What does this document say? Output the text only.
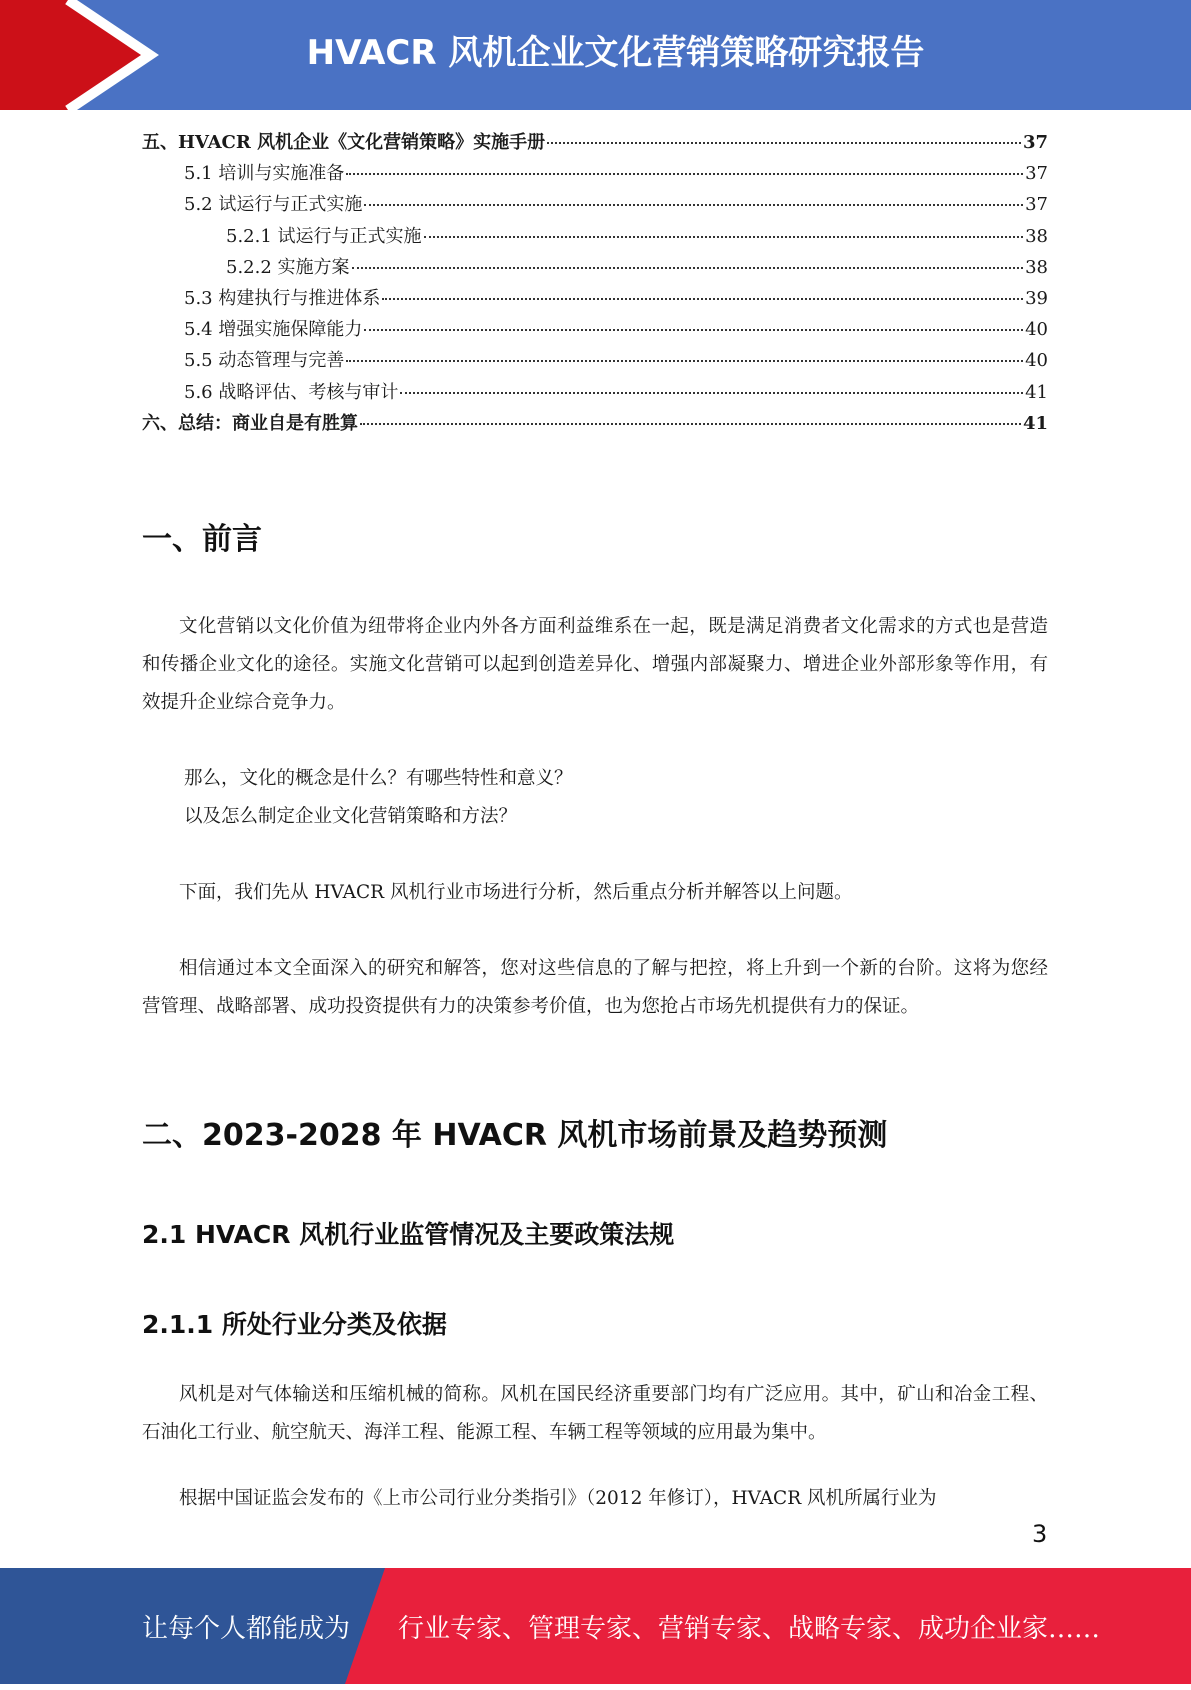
HVACR 风机企业文化营销策略研究报告
五、HVACR 风机企业《文化营销策略》实施手册	37
5.1 培训与实施准备	37
5.2 试运行与正式实施	37
5.2.1 试运行与正式实施	38
5.2.2 实施方案	38
5.3 构建执行与推进体系	39
5.4 增强实施保障能力	40
5.5 动态管理与完善	40
5.6 战略评估、考核与审计	41
六、总结：商业自是有胜算	41
一、前言
文化营销以文化价值为纽带将企业内外各方面利益维系在一起，既是满足消费者文化需求的方式也是营造和传播企业文化的途径。实施文化营销可以起到创造差异化、增强内部凝聚力、增进企业外部形象等作用，有效提升企业综合竞争力。
那么，文化的概念是什么？有哪些特性和意义？
以及怎么制定企业文化营销策略和方法？
下面，我们先从 HVACR 风机行业市场进行分析，然后重点分析并解答以上问题。
相信通过本文全面深入的研究和解答，您对这些信息的了解与把控，将上升到一个新的台阶。这将为您经营管理、战略部署、成功投资提供有力的决策参考价值，也为您抢占市场先机提供有力的保证。
二、2023-2028 年 HVACR 风机市场前景及趋势预测
2.1 HVACR 风机行业监管情况及主要政策法规
2.1.1 所处行业分类及依据
风机是对气体输送和压缩机械的简称。风机在国民经济重要部门均有广泛应用。其中，矿山和冶金工程、石油化工行业、航空航天、海洋工程、能源工程、车辆工程等领域的应用最为集中。
根据中国证监会发布的《上市公司行业分类指引》（2012 年修订），HVACR 风机所属行业为
3
让每个人都能成为 行业专家、管理专家、营销专家、战略专家、成功企业家……
